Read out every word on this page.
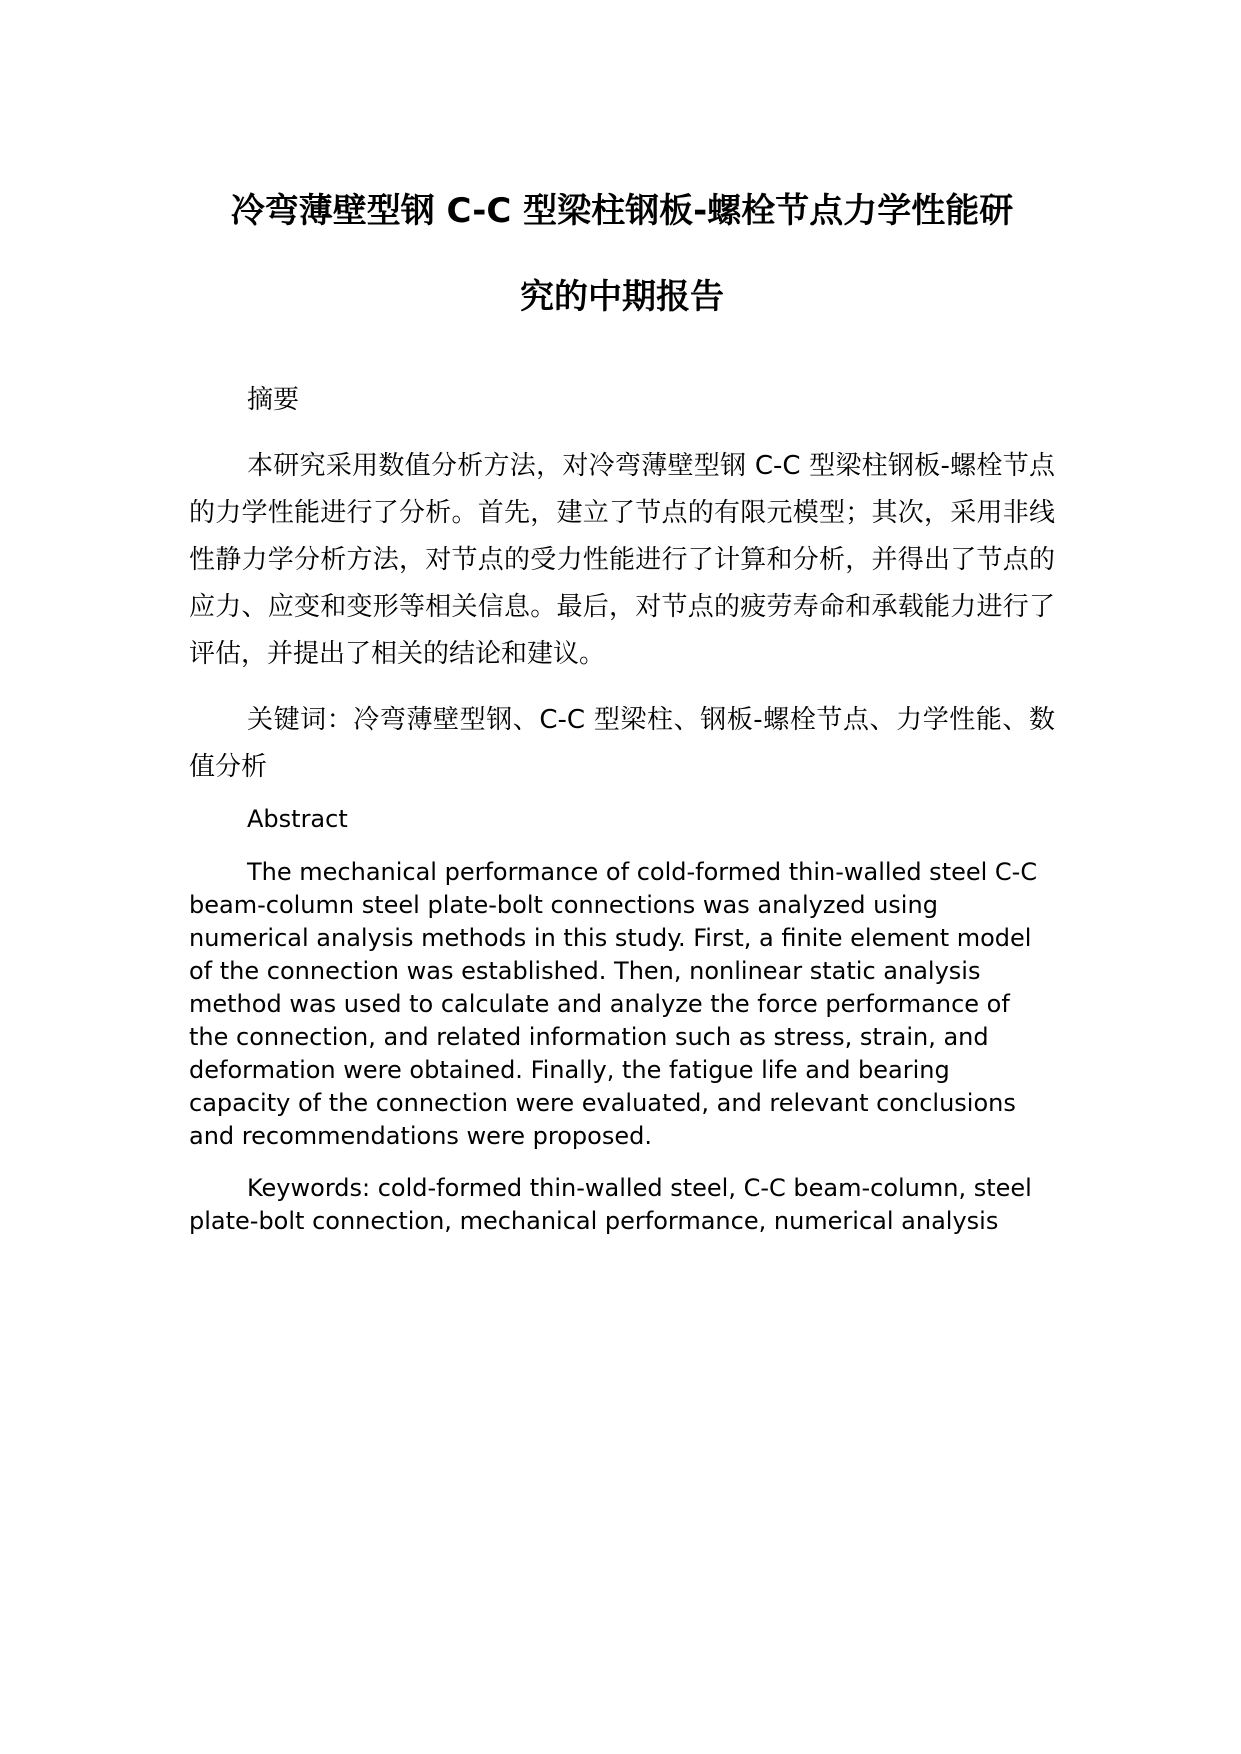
冷弯薄壁型钢 C-C 型梁柱钢板-螺栓节点力学性能研
究的中期报告

摘要

本研究采用数值分析方法，对冷弯薄壁型钢 C-C 型梁柱钢板-螺栓节点的力学性能进行了分析。首先，建立了节点的有限元模型；其次，采用非线性静力学分析方法，对节点的受力性能进行了计算和分析，并得出了节点的应力、应变和变形等相关信息。最后，对节点的疲劳寿命和承载能力进行了评估，并提出了相关的结论和建议。

关键词：冷弯薄壁型钢、C-C 型梁柱、钢板-螺栓节点、力学性能、数值分析

Abstract

The mechanical performance of cold-formed thin-walled steel C-C beam-column steel plate-bolt connections was analyzed using numerical analysis methods in this study. First, a finite element model of the connection was established. Then, nonlinear static analysis method was used to calculate and analyze the force performance of the connection, and related information such as stress, strain, and deformation were obtained. Finally, the fatigue life and bearing capacity of the connection were evaluated, and relevant conclusions and recommendations were proposed.

Keywords: cold-formed thin-walled steel, C-C beam-column, steel plate-bolt connection, mechanical performance, numerical analysis
